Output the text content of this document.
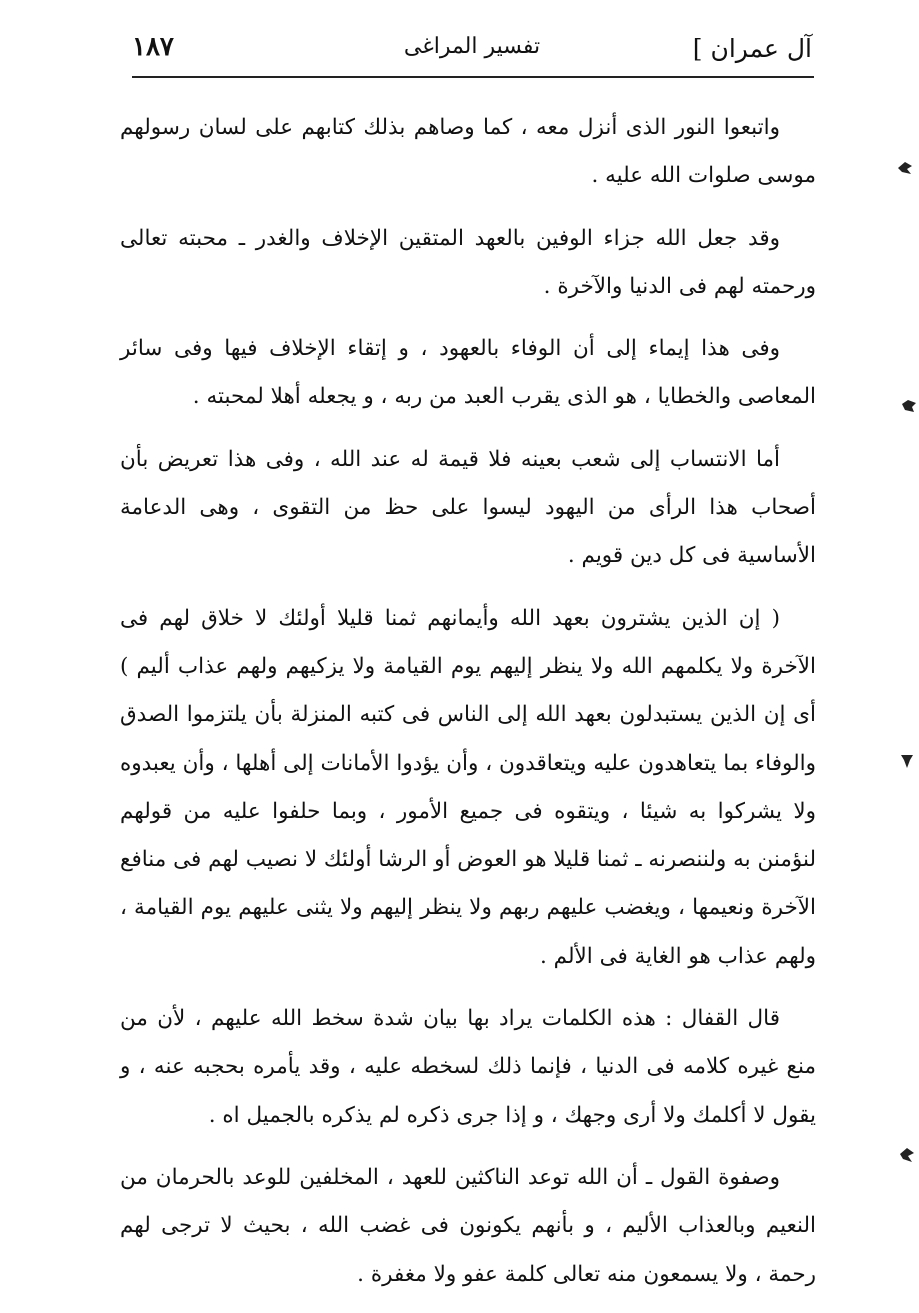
آل عمران ]
تفسير المراغى
١٨٧

واتبعوا النور الذى أنزل معه ، كما وصاهم بذلك كتابهم على لسان رسولهم موسى صلوات الله عليه .

وقد جعل الله جزاء الوفين بالعهد المتقين الإخلاف والغدر ـ محبته تعالى ورحمته لهم فى الدنيا والآخرة .

وفى هذا إيماء إلى أن الوفاء بالعهود ، و إتقاء الإخلاف فيها وفى سائر المعاصى والخطايا ، هو الذى يقرب العبد من ربه ، و يجعله أهلا لمحبته .

أما الانتساب إلى شعب بعينه فلا قيمة له عند الله ، وفى هذا تعريض بأن أصحاب هذا الرأى من اليهود ليسوا على حظ من التقوى ، وهى الدعامة الأساسية فى كل دين قويم .

( إن الذين يشترون بعهد الله وأيمانهم ثمنا قليلا أولئك لا خلاق لهم فى الآخرة ولا يكلمهم الله ولا ينظر إليهم يوم القيامة ولا يزكيهم ولهم عذاب أليم ) أى إن الذين يستبدلون بعهد الله إلى الناس فى كتبه المنزلة بأن يلتزموا الصدق والوفاء بما يتعاهدون عليه ويتعاقدون ، وأن يؤدوا الأمانات إلى أهلها ، وأن يعبدوه ولا يشركوا به شيئا ، ويتقوه فى جميع الأمور ، وبما حلفوا عليه من قولهم لنؤمنن به ولننصرنه ـ ثمنا قليلا هو العوض أو الرشا أولئك لا نصيب لهم فى منافع الآخرة ونعيمها ، ويغضب عليهم ربهم ولا ينظر إليهم ولا يثنى عليهم يوم القيامة ، ولهم عذاب هو الغاية فى الألم .

قال القفال : هذه الكلمات يراد بها بيان شدة سخط الله عليهم ، لأن من منع غيره كلامه فى الدنيا ، فإنما ذلك لسخطه عليه ، وقد يأمره بحجبه عنه ، و يقول لا أكلمك ولا أرى وجهك ، و إذا جرى ذكره لم يذكره بالجميل اه .

وصفوة القول ـ أن الله توعد الناكثين للعهد ، المخلفين للوعد بالحرمان من النعيم وبالعذاب الأليم ، و بأنهم يكونون فى غضب الله ، بحيث لا ترجى لهم رحمة ، ولا يسمعون منه تعالى كلمة عفو ولا مغفرة .
